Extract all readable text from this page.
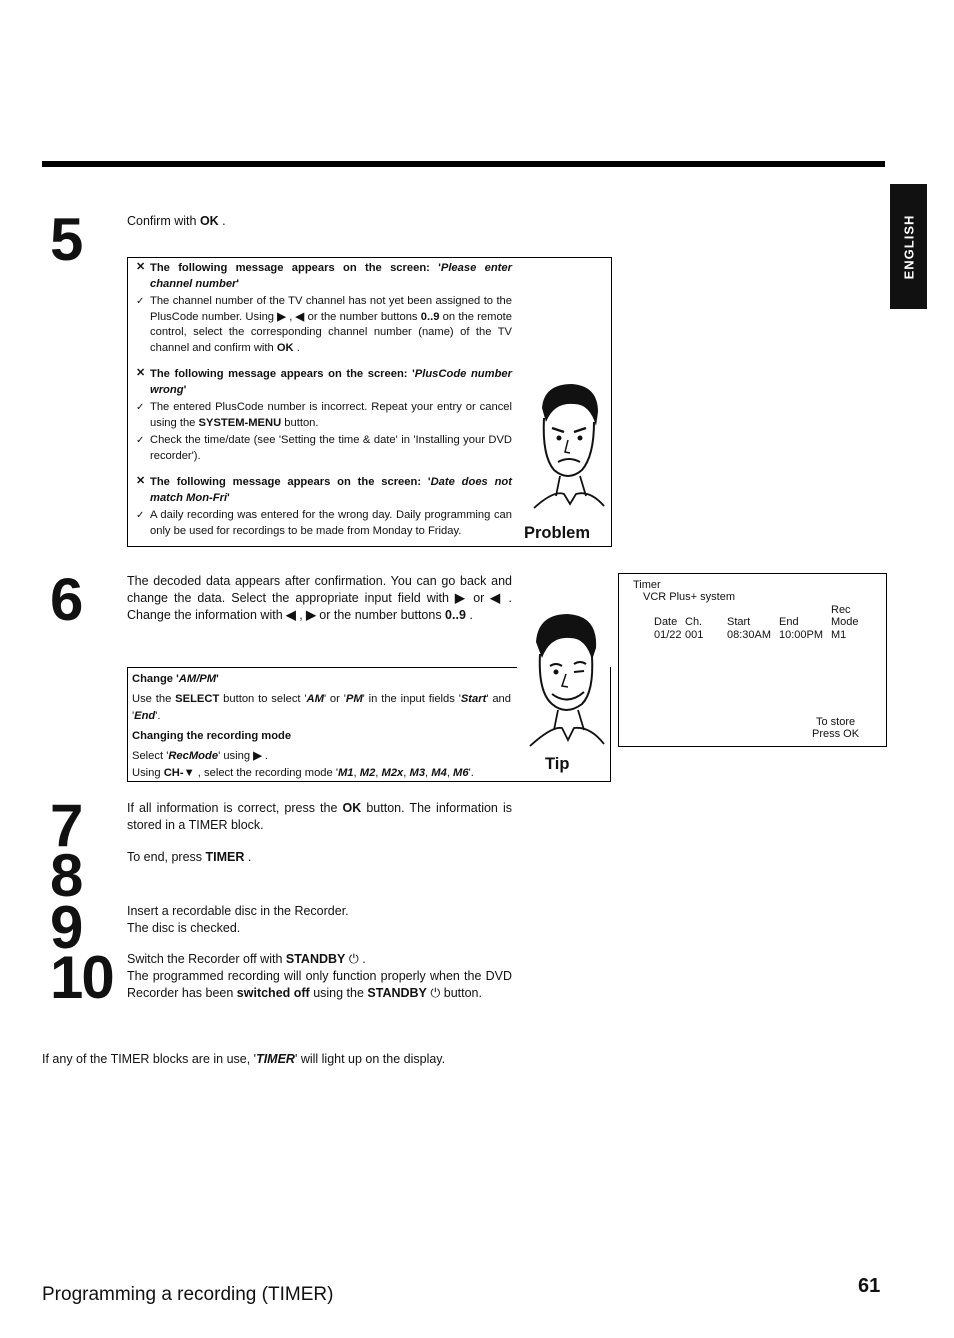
ENGLISH
5	Confirm with OK .
✕ The following message appears on the screen: 'Please enter channel number'
✓ The channel number of the TV channel has not yet been assigned to the PlusCode number. Using ▶ , ◀ or the number buttons 0..9 on the remote control, select the corresponding channel number (name) of the TV channel and confirm with OK .
✕ The following message appears on the screen: 'PlusCode number wrong'
✓ The entered PlusCode number is incorrect. Repeat your entry or cancel using the SYSTEM-MENU button.
✓ Check the time/date (see 'Setting the time & date' in 'Installing your DVD recorder').
✕ The following message appears on the screen: 'Date does not match Mon-Fri'
✓ A daily recording was entered for the wrong day. Daily programming can only be used for recordings to be made from Monday to Friday.	Problem
6	The decoded data appears after confirmation. You can go back and change the data. Select the appropriate input field with ▶ or ◀ . Change the information with ◀ , ▶ or the number buttons 0..9 .
Change 'AM/PM'
Use the SELECT button to select 'AM' or 'PM' in the input fields 'Start' and 'End'.
Changing the recording mode
Select 'RecMode' using ▶ .
Using CH-▼ , select the recording mode 'M1, M2, M2x, M3, M4, M6'.	Tip
Timer
VCR Plus+ system
Rec
Date Ch. Start	End	Mode
01/22 001 08:30AM 10:00PM M1
To store
Press OK
7	If all information is correct, press the OK button. The information is stored in a TIMER block.
8	To end, press TIMER .
9	Insert a recordable disc in the Recorder.
The disc is checked.
10 Switch the Recorder off with STANDBY ⏻ .
The programmed recording will only function properly when the DVD Recorder has been switched off using the STANDBY ⏻ button.
If any of the TIMER blocks are in use, 'TIMER' will light up on the display.
Programming a recording (TIMER)	61
